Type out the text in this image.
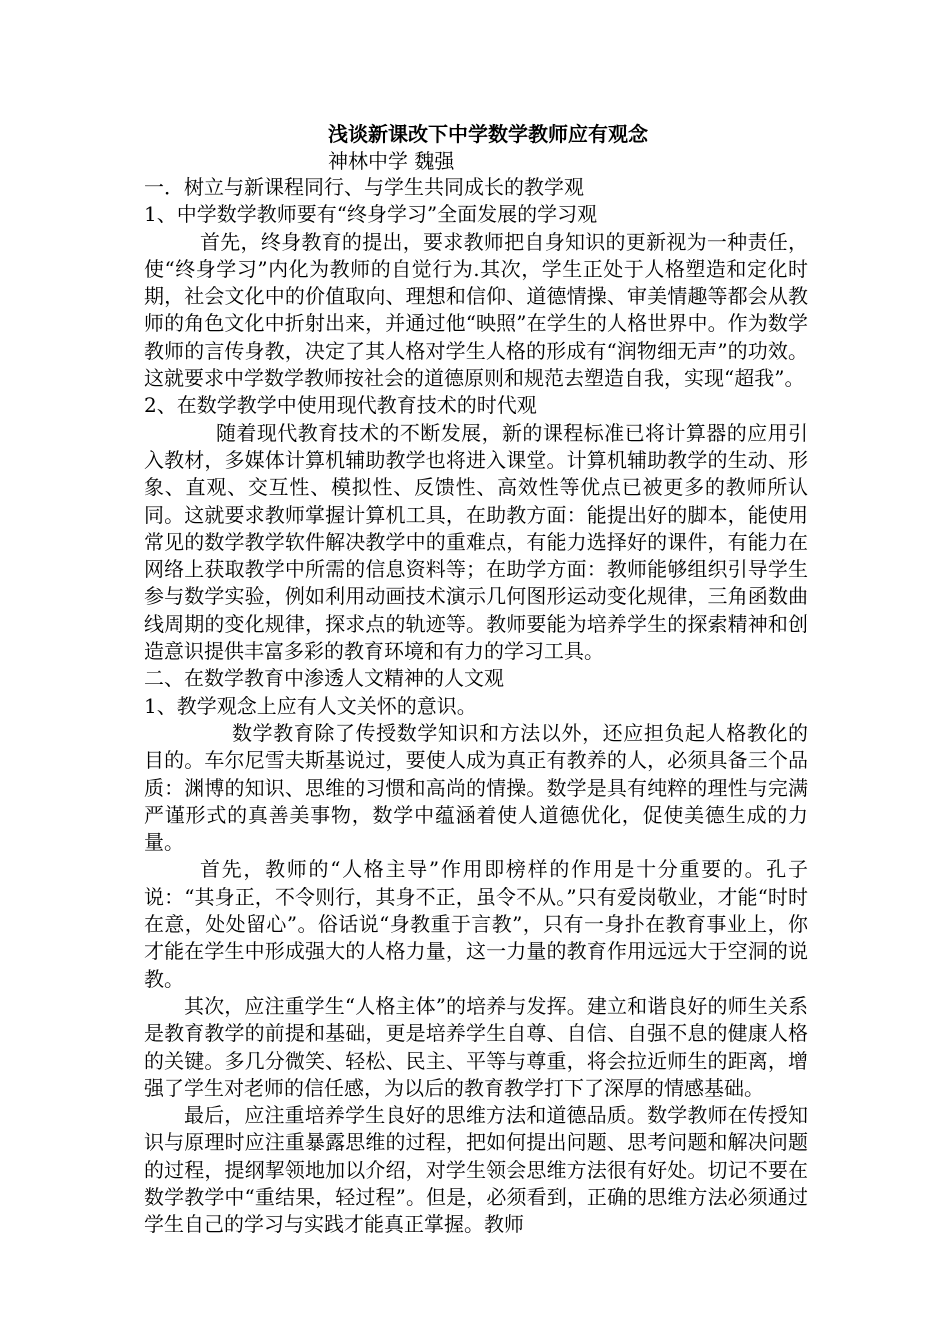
浅谈新课改下中学数学教师应有观念

神林中学 魏强

一．树立与新课程同行、与学生共同成长的教学观

1、中学数学教师要有“终身学习”全面发展的学习观

首先，终身教育的提出，要求教师把自身知识的更新视为一种责任，使“终身学习”内化为教师的自觉行为.其次，学生正处于人格塑造和定化时期，社会文化中的价值取向、理想和信仰、道德情操、审美情趣等都会从教师的角色文化中折射出来，并通过他“映照”在学生的人格世界中。作为数学教师的言传身教，决定了其人格对学生人格的形成有“润物细无声”的功效。这就要求中学数学教师按社会的道德原则和规范去塑造自我，实现“超我”。

2、在数学教学中使用现代教育技术的时代观

随着现代教育技术的不断发展，新的课程标准已将计算器的应用引入教材，多媒体计算机辅助教学也将进入课堂。计算机辅助教学的生动、形象、直观、交互性、模拟性、反馈性、高效性等优点已被更多的教师所认同。这就要求教师掌握计算机工具，在助教方面：能提出好的脚本，能使用常见的数学教学软件解决教学中的重难点，有能力选择好的课件，有能力在网络上获取教学中所需的信息资料等；在助学方面：教师能够组织引导学生参与数学实验，例如利用动画技术演示几何图形运动变化规律，三角函数曲线周期的变化规律，探求点的轨迹等。教师要能为培养学生的探索精神和创造意识提供丰富多彩的教育环境和有力的学习工具。

二、在数学教育中渗透人文精神的人文观

1、教学观念上应有人文关怀的意识。

数学教育除了传授数学知识和方法以外，还应担负起人格教化的目的。车尔尼雪夫斯基说过，要使人成为真正有教养的人，必须具备三个品质：渊博的知识、思维的习惯和高尚的情操。数学是具有纯粹的理性与完满严谨形式的真善美事物，数学中蕴涵着使人道德优化，促使美德生成的力量。

首先，教师的“人格主导”作用即榜样的作用是十分重要的。孔子说：“其身正，不令则行，其身不正，虽令不从。”只有爱岗敬业，才能“时时在意，处处留心”。俗话说“身教重于言教”，只有一身扑在教育事业上，你才能在学生中形成强大的人格力量，这一力量的教育作用远远大于空洞的说教。

其次，应注重学生“人格主体”的培养与发挥。建立和谐良好的师生关系是教育教学的前提和基础，更是培养学生自尊、自信、自强不息的健康人格的关键。多几分微笑、轻松、民主、平等与尊重，将会拉近师生的距离，增强了学生对老师的信任感，为以后的教育教学打下了深厚的情感基础。

最后，应注重培养学生良好的思维方法和道德品质。数学教师在传授知识与原理时应注重暴露思维的过程，把如何提出问题、思考问题和解决问题的过程，提纲挈领地加以介绍，对学生领会思维方法很有好处。切记不要在数学教学中“重结果，轻过程”。但是，必须看到，正确的思维方法必须通过学生自己的学习与实践才能真正掌握。教师
